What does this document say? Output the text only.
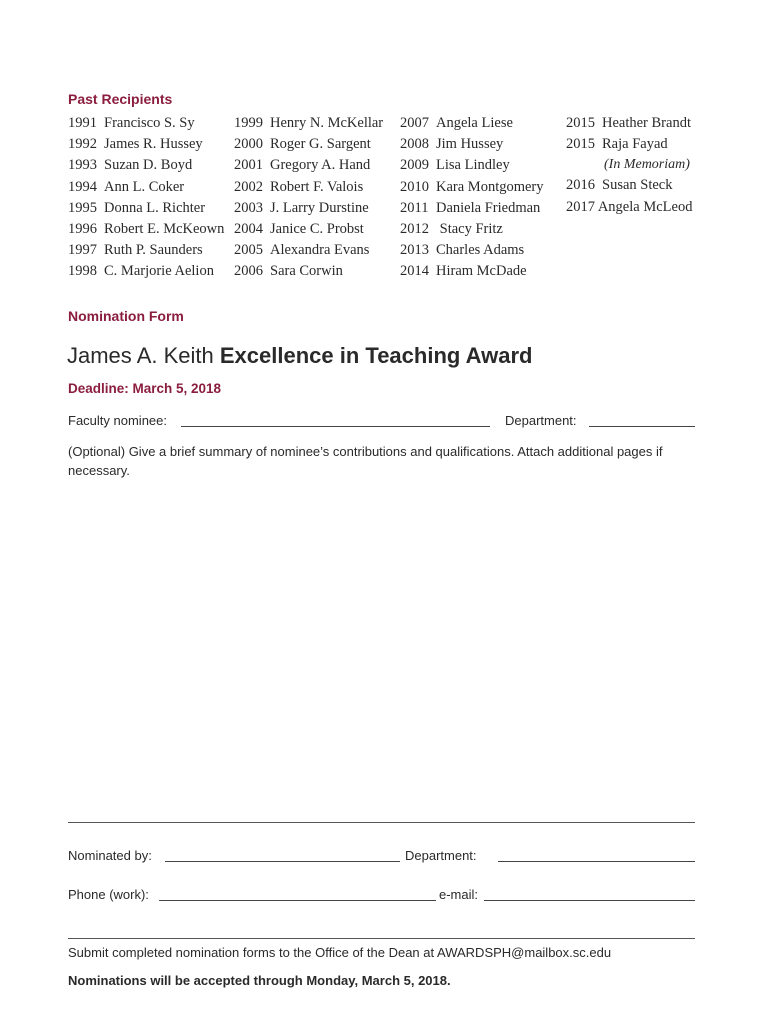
Past Recipients
1991 Francisco S. Sy
1992 James R. Hussey
1993 Suzan D. Boyd
1994 Ann L. Coker
1995 Donna L. Richter
1996 Robert E. McKeown
1997 Ruth P. Saunders
1998 C. Marjorie Aelion
1999 Henry N. McKellar
2000 Roger G. Sargent
2001 Gregory A. Hand
2002 Robert F. Valois
2003 J. Larry Durstine
2004 Janice C. Probst
2005 Alexandra Evans
2006 Sara Corwin
2007 Angela Liese
2008 Jim Hussey
2009 Lisa Lindley
2010 Kara Montgomery
2011 Daniela Friedman
2012 Stacy Fritz
2013 Charles Adams
2014 Hiram McDade
2015 Heather Brandt
2015 Raja Fayad
(In Memoriam)
2016 Susan Steck
2017 Angela McLeod
Nomination Form
James A. Keith Excellence in Teaching Award
Deadline: March 5, 2018
Faculty nominee:	Department:
(Optional) Give a brief summary of nominee’s contributions and qualifications. Attach additional pages if necessary.
Nominated by:	Department:
Phone (work):	e-mail:
Submit completed nomination forms to the Office of the Dean at AWARDSPH@mailbox.sc.edu
Nominations will be accepted through Monday, March 5, 2018.
